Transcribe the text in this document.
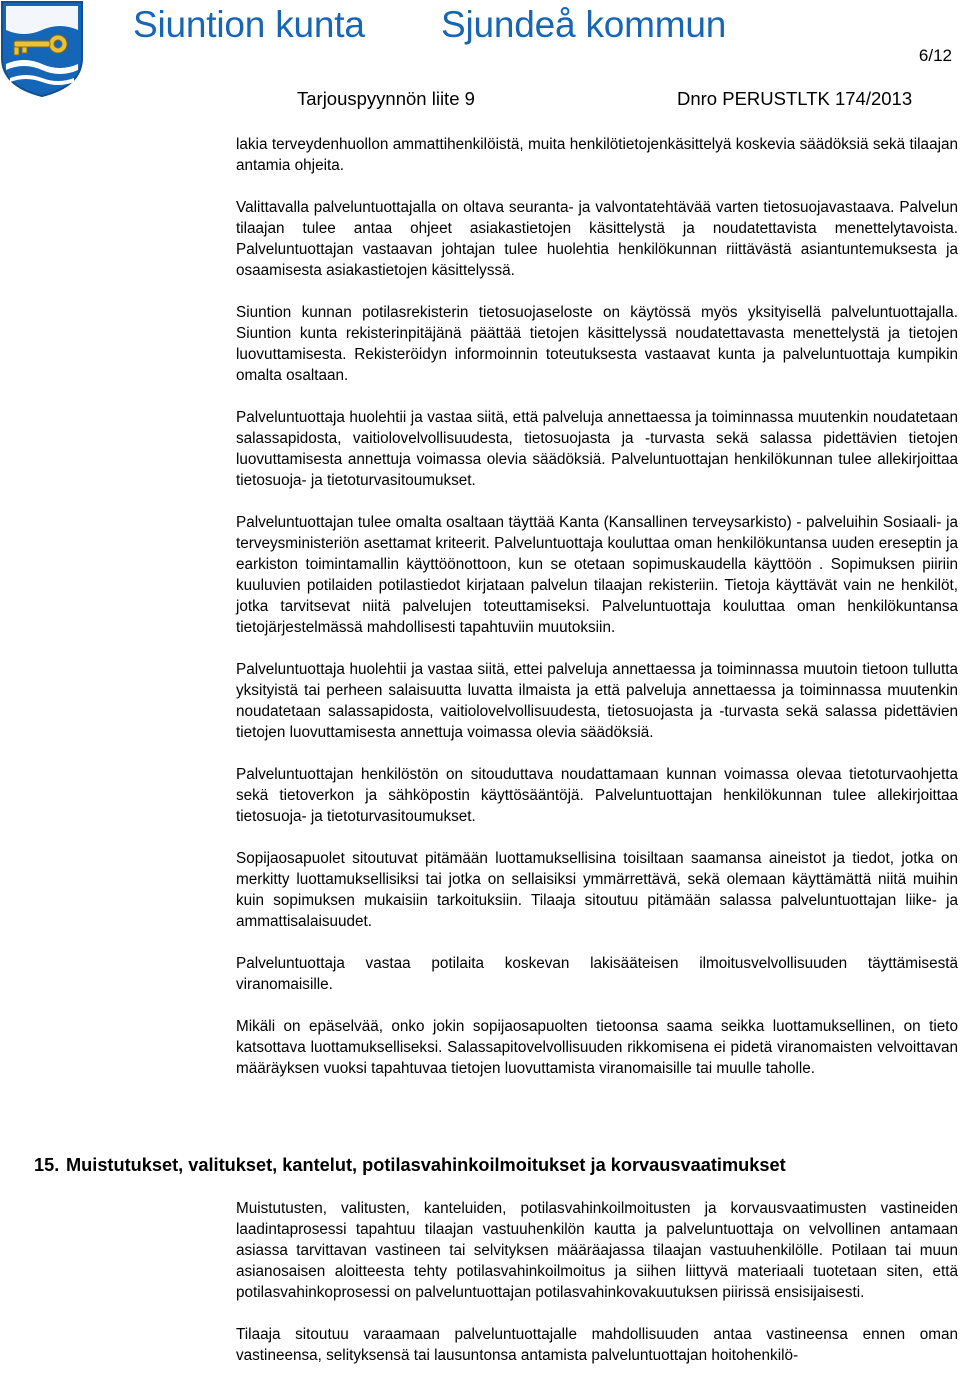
Siuntion kunta Sjundeå kommun
6/12
Tarjouspyynnön liite 9	Dnro PERUSTLTK 174/2013

lakia terveydenhuollon ammattihenkilöistä, muita henkilötietojenkäsittelyä koskevia säädöksiä sekä tilaajan antamia ohjeita.

Valittavalla palveluntuottajalla on oltava seuranta- ja valvontatehtävää varten tietosuojavastaava. Palvelun tilaajan tulee antaa ohjeet asiakastietojen käsittelystä ja noudatettavista menettelytavoista. Palveluntuottajan vastaavan johtajan tulee huolehtia henkilökunnan riittävästä asiantuntemuksesta ja osaamisesta asiakastietojen käsittelyssä.

Siuntion kunnan potilasrekisterin tietosuojaseloste on käytössä myös yksityisellä palveluntuottajalla. Siuntion kunta rekisterinpitäjänä päättää tietojen käsittelyssä noudatettavasta menettelystä ja tietojen luovuttamisesta. Rekisteröidyn informoinnin toteutuksesta vastaavat kunta ja palveluntuottaja kumpikin omalta osaltaan.

Palveluntuottaja huolehtii ja vastaa siitä, että palveluja annettaessa ja toiminnassa muutenkin noudatetaan salassapidosta, vaitiolovelvollisuudesta, tietosuojasta ja -turvasta sekä salassa pidettävien tietojen luovuttamisesta annettuja voimassa olevia säädöksiä. Palveluntuottajan henkilökunnan tulee allekirjoittaa tietosuoja- ja tietoturvasitoumukset.

Palveluntuottajan tulee omalta osaltaan täyttää Kanta (Kansallinen terveysarkisto) - palveluihin Sosiaali- ja terveysministeriön asettamat kriteerit. Palveluntuottaja kouluttaa oman henkilökuntansa uuden ereseptin ja earkiston toimintamallin käyttöönottoon, kun se otetaan sopimuskaudella käyttöön . Sopimuksen piiriin kuuluvien potilaiden potilastiedot kirjataan palvelun tilaajan rekisteriin. Tietoja käyttävät vain ne henkilöt, jotka tarvitsevat niitä palvelujen toteuttamiseksi. Palveluntuottaja kouluttaa oman henkilökuntansa tietojärjestelmässä mahdollisesti tapahtuviin muutoksiin.

Palveluntuottaja huolehtii ja vastaa siitä, ettei palveluja annettaessa ja toiminnassa muutoin tietoon tullutta yksityistä tai perheen salaisuutta luvatta ilmaista ja että palveluja annettaessa ja toiminnassa muutenkin noudatetaan salassapidosta, vaitiolovelvollisuudesta, tietosuojasta ja -turvasta sekä salassa pidettävien tietojen luovuttamisesta annettuja voimassa olevia säädöksiä.

Palveluntuottajan henkilöstön on sitouduttava noudattamaan kunnan voimassa olevaa tietoturvaohjetta sekä tietoverkon ja sähköpostin käyttösääntöjä. Palveluntuottajan henkilökunnan tulee allekirjoittaa tietosuoja- ja tietoturvasitoumukset.

Sopijaosapuolet sitoutuvat pitämään luottamuksellisina toisiltaan saamansa aineistot ja tiedot, jotka on merkitty luottamuksellisiksi tai jotka on sellaisiksi ymmärrettävä, sekä olemaan käyttämättä niitä muihin kuin sopimuksen mukaisiin tarkoituksiin. Tilaaja sitoutuu pitämään salassa palveluntuottajan liike- ja ammattisalaisuudet.

Palveluntuottaja vastaa potilaita koskevan lakisääteisen ilmoitusvelvollisuuden täyttämisestä viranomaisille.

Mikäli on epäselvää, onko jokin sopijaosapuolten tietoonsa saama seikka luottamuksellinen, on tieto katsottava luottamukselliseksi. Salassapitovelvollisuuden rikkomisena ei pidetä viranomaisten velvoittavan määräyksen vuoksi tapahtuvaa tietojen luovuttamista viranomaisille tai muulle taholle.

15. Muistutukset, valitukset, kantelut, potilasvahinkoilmoitukset ja korvausvaatimukset

Muistutusten, valitusten, kanteluiden, potilasvahinkoilmoitusten ja korvausvaatimusten vastineiden laadintaprosessi tapahtuu tilaajan vastuuhenkilön kautta ja palveluntuottaja on velvollinen antamaan asiassa tarvittavan vastineen tai selvityksen määräajassa tilaajan vastuuhenkilölle. Potilaan tai muun asianosaisen aloitteesta tehty potilasvahinkoilmoitus ja siihen liittyvä materiaali tuotetaan siten, että potilasvahinkoprosessi on palveluntuottajan potilasvahinkovakuutuksen piirissä ensisijaisesti.

Tilaaja sitoutuu varaamaan palveluntuottajalle mahdollisuuden antaa vastineensa ennen oman vastineensa, selityksensä tai lausuntonsa antamista palveluntuottajan hoitohenkilö-
